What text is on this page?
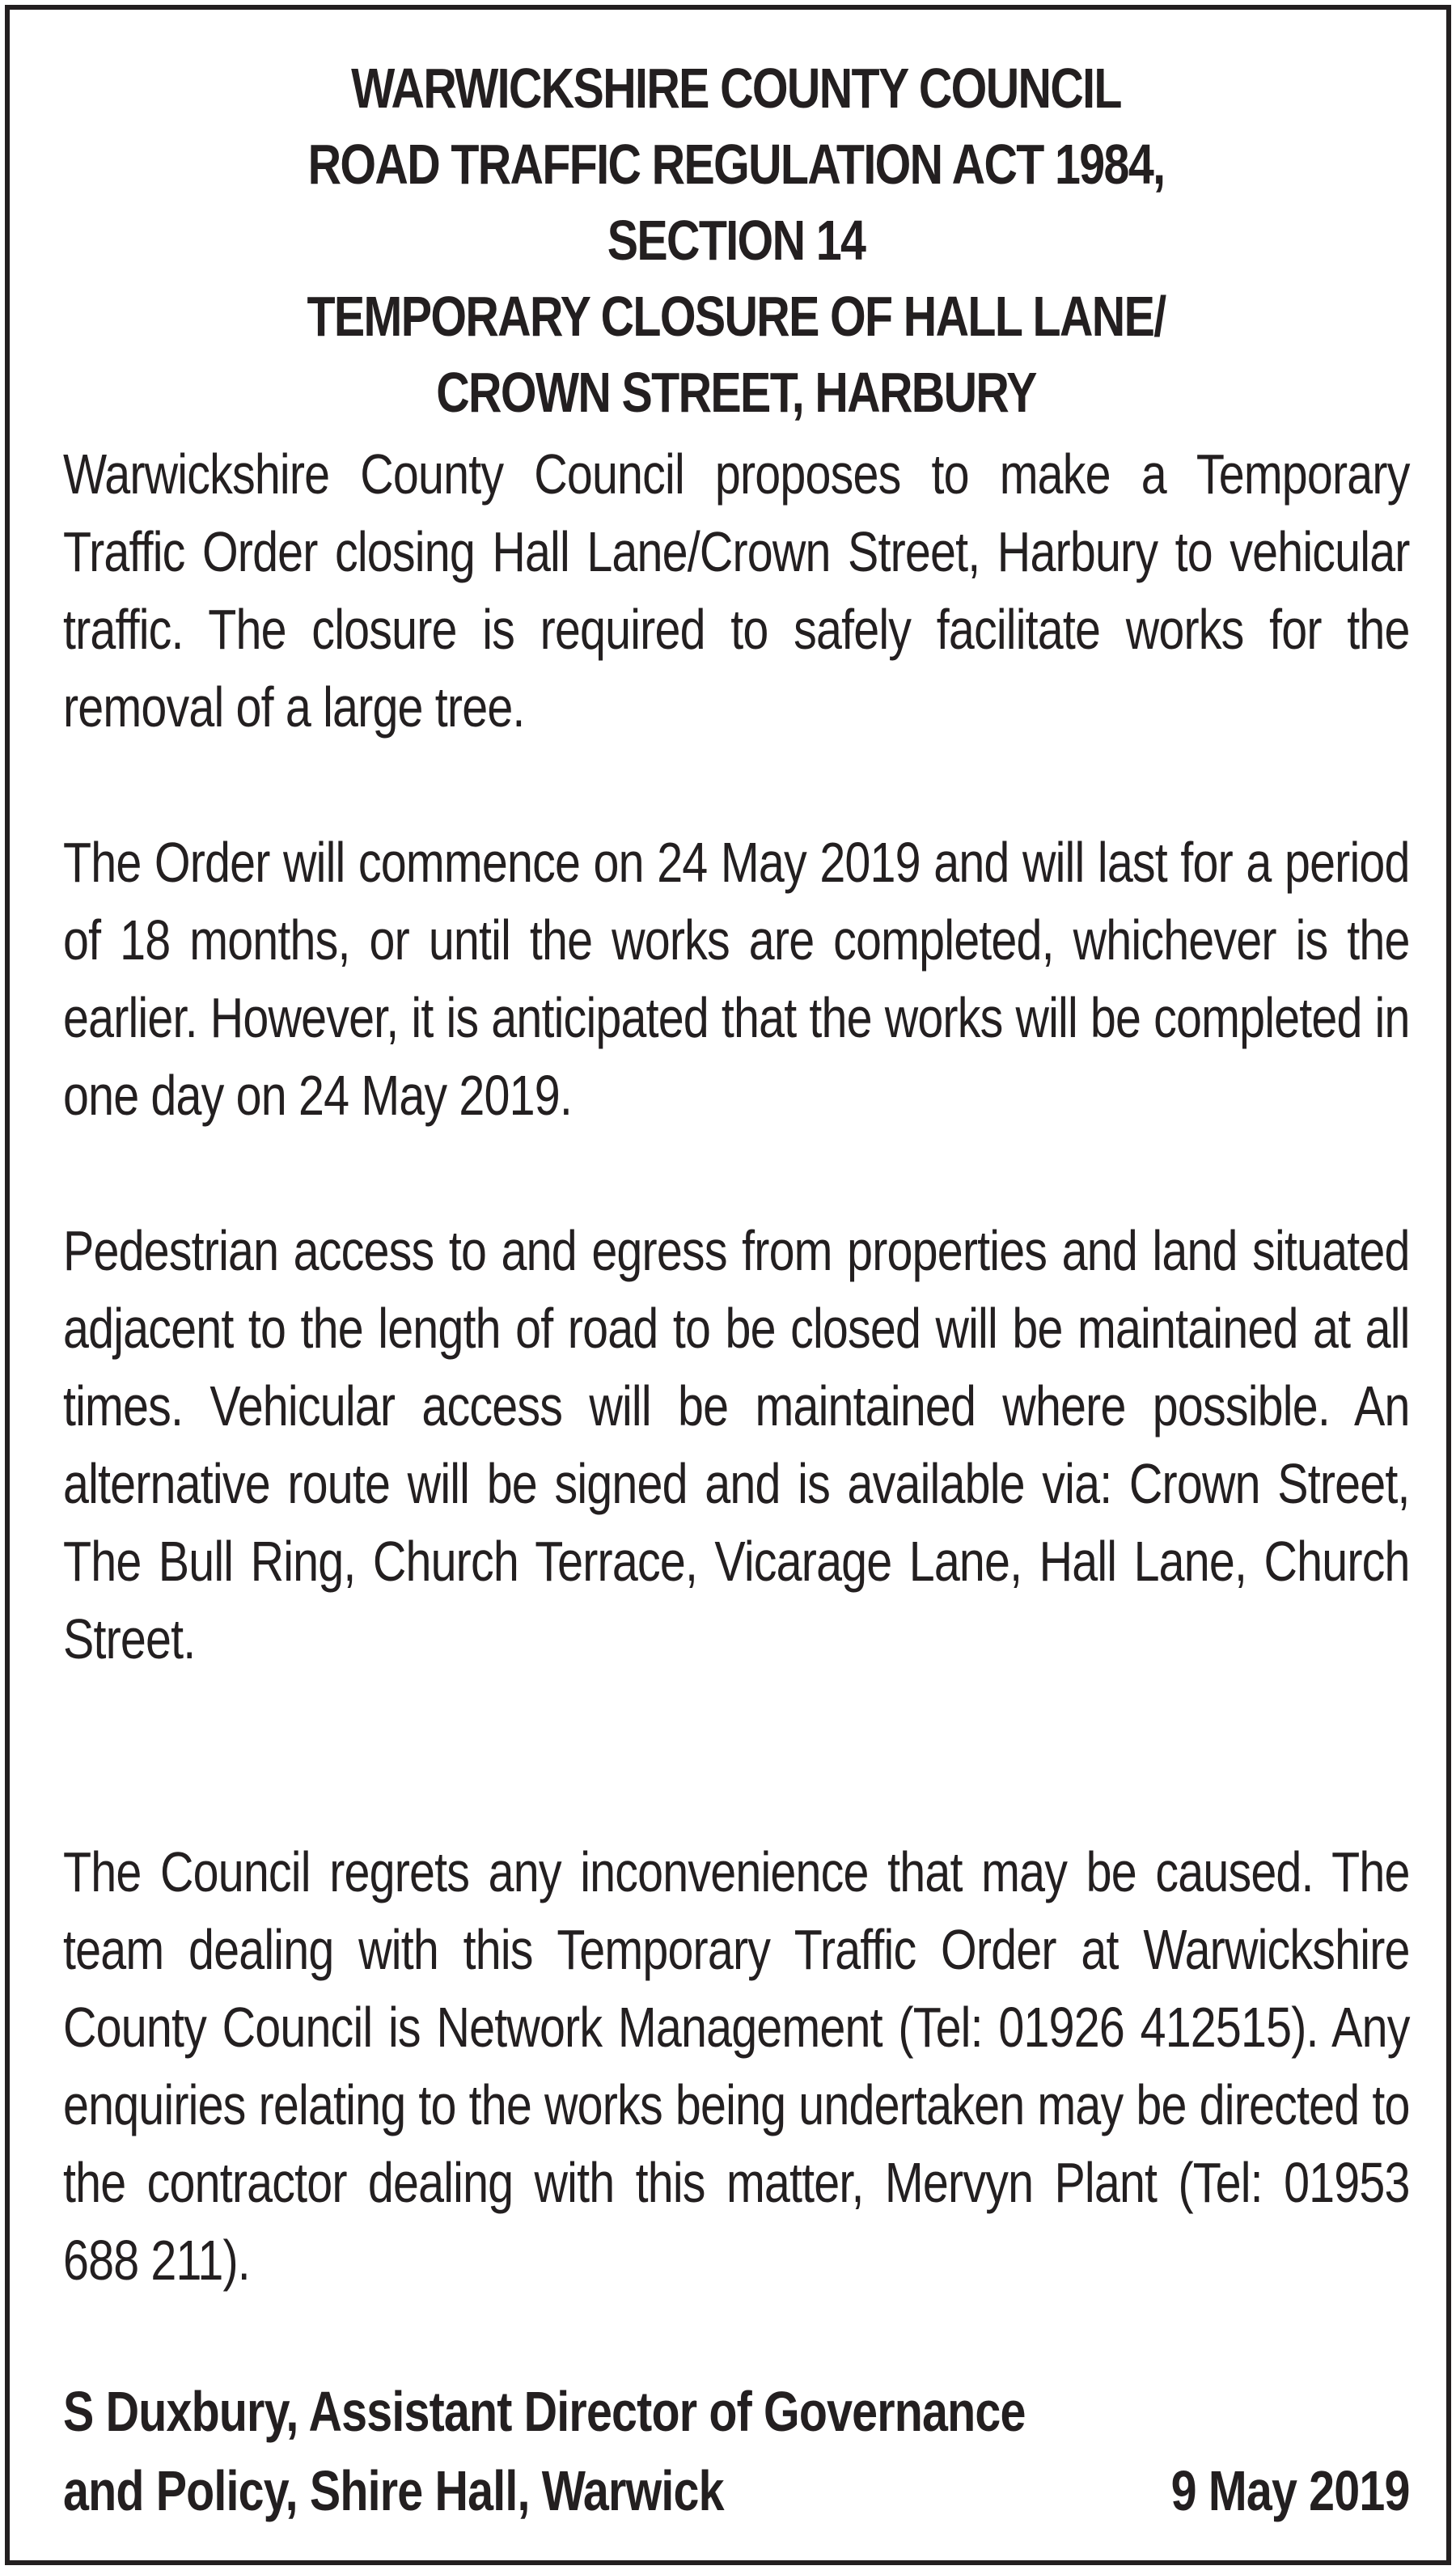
WARWICKSHIRE COUNTY COUNCIL
ROAD TRAFFIC REGULATION ACT 1984,
SECTION 14
TEMPORARY CLOSURE OF HALL LANE/
CROWN STREET, HARBURY

Warwickshire County Council proposes to make a Temporary Traffic Order closing Hall Lane/Crown Street, Harbury to vehicular traffic. The closure is required to safely facilitate works for the removal of a large tree.

The Order will commence on 24 May 2019 and will last for a period of 18 months, or until the works are completed, whichever is the earlier. However, it is anticipated that the works will be completed in one day on 24 May 2019.

Pedestrian access to and egress from properties and land situated adjacent to the length of road to be closed will be maintained at all times. Vehicular access will be maintained where possible. An alternative route will be signed and is available via: Crown Street, The Bull Ring, Church Terrace, Vicarage Lane, Hall Lane, Church Street.

The Council regrets any inconvenience that may be caused. The team dealing with this Temporary Traffic Order at Warwickshire County Council is Network Management (Tel: 01926 412515). Any enquiries relating to the works being undertaken may be directed to the contractor dealing with this matter, Mervyn Plant (Tel: 01953 688 211).

S Duxbury, Assistant Director of Governance
and Policy, Shire Hall, Warwick	9 May 2019
